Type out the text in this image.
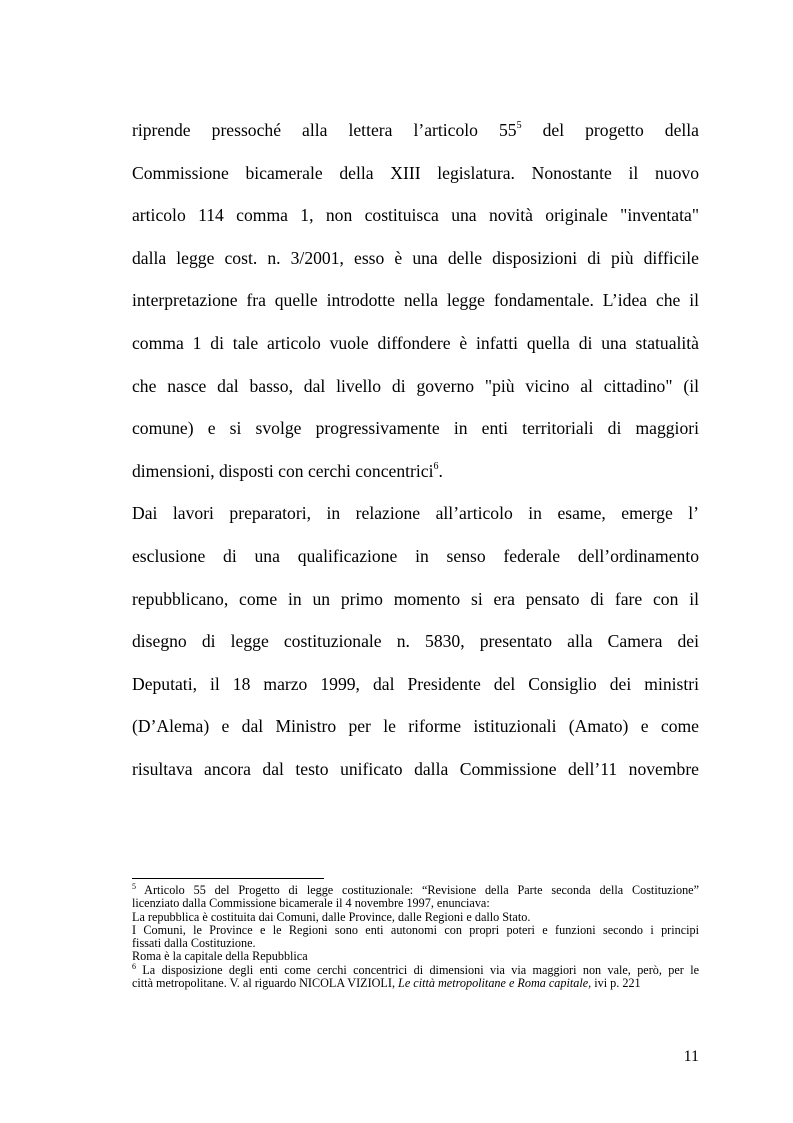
riprende pressoché alla lettera l’articolo 55$^5$ del progetto della
Commissione bicamerale della XIII legislatura. Nonostante il nuovo
articolo 114 comma 1, non costituisca una novità originale "inventata"
dalla legge cost. n. 3/2001, esso è una delle disposizioni di più difficile
interpretazione fra quelle introdotte nella legge fondamentale. L’idea che il
comma 1 di tale articolo vuole diffondere è infatti quella di una statualità
che nasce dal basso, dal livello di governo "più vicino al cittadino" (il
comune) e si svolge progressivamente in enti territoriali di maggiori
dimensioni, disposti con cerchi concentrici$^6$.
Dai lavori preparatori, in relazione all’articolo in esame, emerge l’
esclusione di una qualificazione in senso federale dell’ordinamento
repubblicano, come in un primo momento si era pensato di fare con il
disegno di legge costituzionale n. 5830, presentato alla Camera dei
Deputati, il 18 marzo 1999, dal Presidente del Consiglio dei ministri
(D’Alema) e dal Ministro per le riforme istituzionali (Amato) e come
risultava ancora dal testo unificato dalla Commissione dell’11 novembre
$^5$ Articolo 55 del Progetto di legge costituzionale: “Revisione della Parte seconda della Costituzione”
licenziato dalla Commissione bicamerale il 4 novembre 1997, enunciava:
La repubblica è costituita dai Comuni, dalle Province, dalle Regioni e dallo Stato.
I Comuni, le Province e le Regioni sono enti autonomi con propri poteri e funzioni secondo i principi
fissati dalla Costituzione.
Roma è la capitale della Repubblica
$^6$ La disposizione degli enti come cerchi concentrici di dimensioni via via maggiori non vale, però, per le
città metropolitane. V. al riguardo NICOLA VIZIOLI, Le città metropolitane e Roma capitale, ivi p. 221
11
